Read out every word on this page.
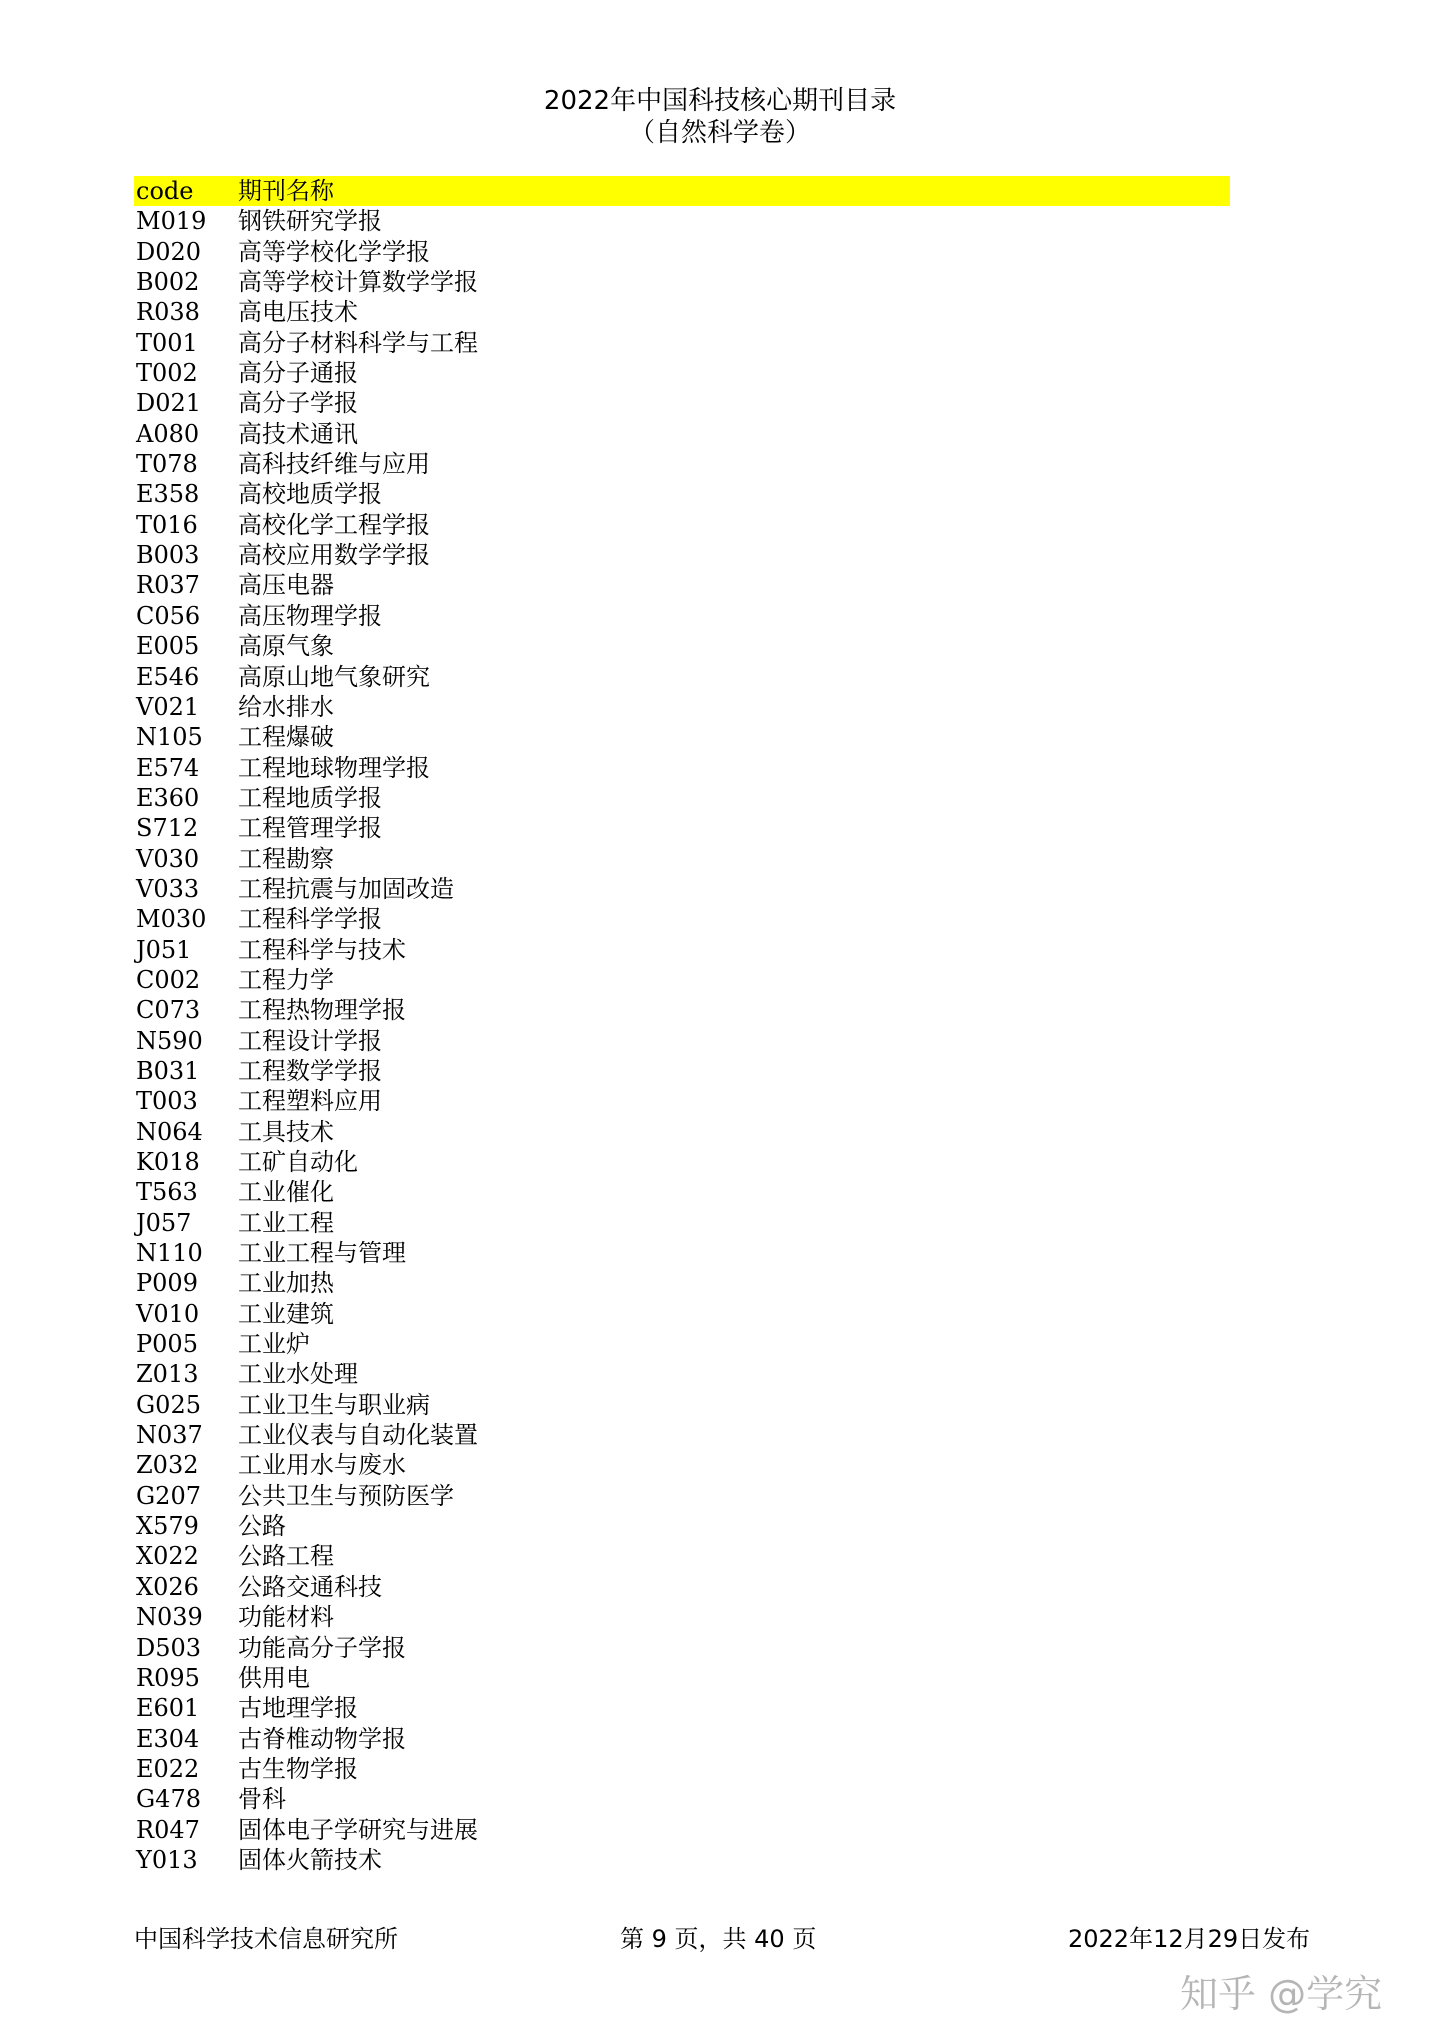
2022年中国科技核心期刊目录
（自然科学卷）
code	期刊名称
M019	钢铁研究学报
D020	高等学校化学学报
B002	高等学校计算数学学报
R038	高电压技术
T001	高分子材料科学与工程
T002	高分子通报
D021	高分子学报
A080	高技术通讯
T078	高科技纤维与应用
E358	高校地质学报
T016	高校化学工程学报
B003	高校应用数学学报
R037	高压电器
C056	高压物理学报
E005	高原气象
E546	高原山地气象研究
V021	给水排水
N105	工程爆破
E574	工程地球物理学报
E360	工程地质学报
S712	工程管理学报
V030	工程勘察
V033	工程抗震与加固改造
M030	工程科学学报
J051	工程科学与技术
C002	工程力学
C073	工程热物理学报
N590	工程设计学报
B031	工程数学学报
T003	工程塑料应用
N064	工具技术
K018	工矿自动化
T563	工业催化
J057	工业工程
N110	工业工程与管理
P009	工业加热
V010	工业建筑
P005	工业炉
Z013	工业水处理
G025	工业卫生与职业病
N037	工业仪表与自动化装置
Z032	工业用水与废水
G207	公共卫生与预防医学
X579	公路
X022	公路工程
X026	公路交通科技
N039	功能材料
D503	功能高分子学报
R095	供用电
E601	古地理学报
E304	古脊椎动物学报
E022	古生物学报
G478	骨科
R047	固体电子学研究与进展
Y013	固体火箭技术
中国科学技术信息研究所	第 9 页，共 40 页	2022年12月29日发布
知乎 @学究
